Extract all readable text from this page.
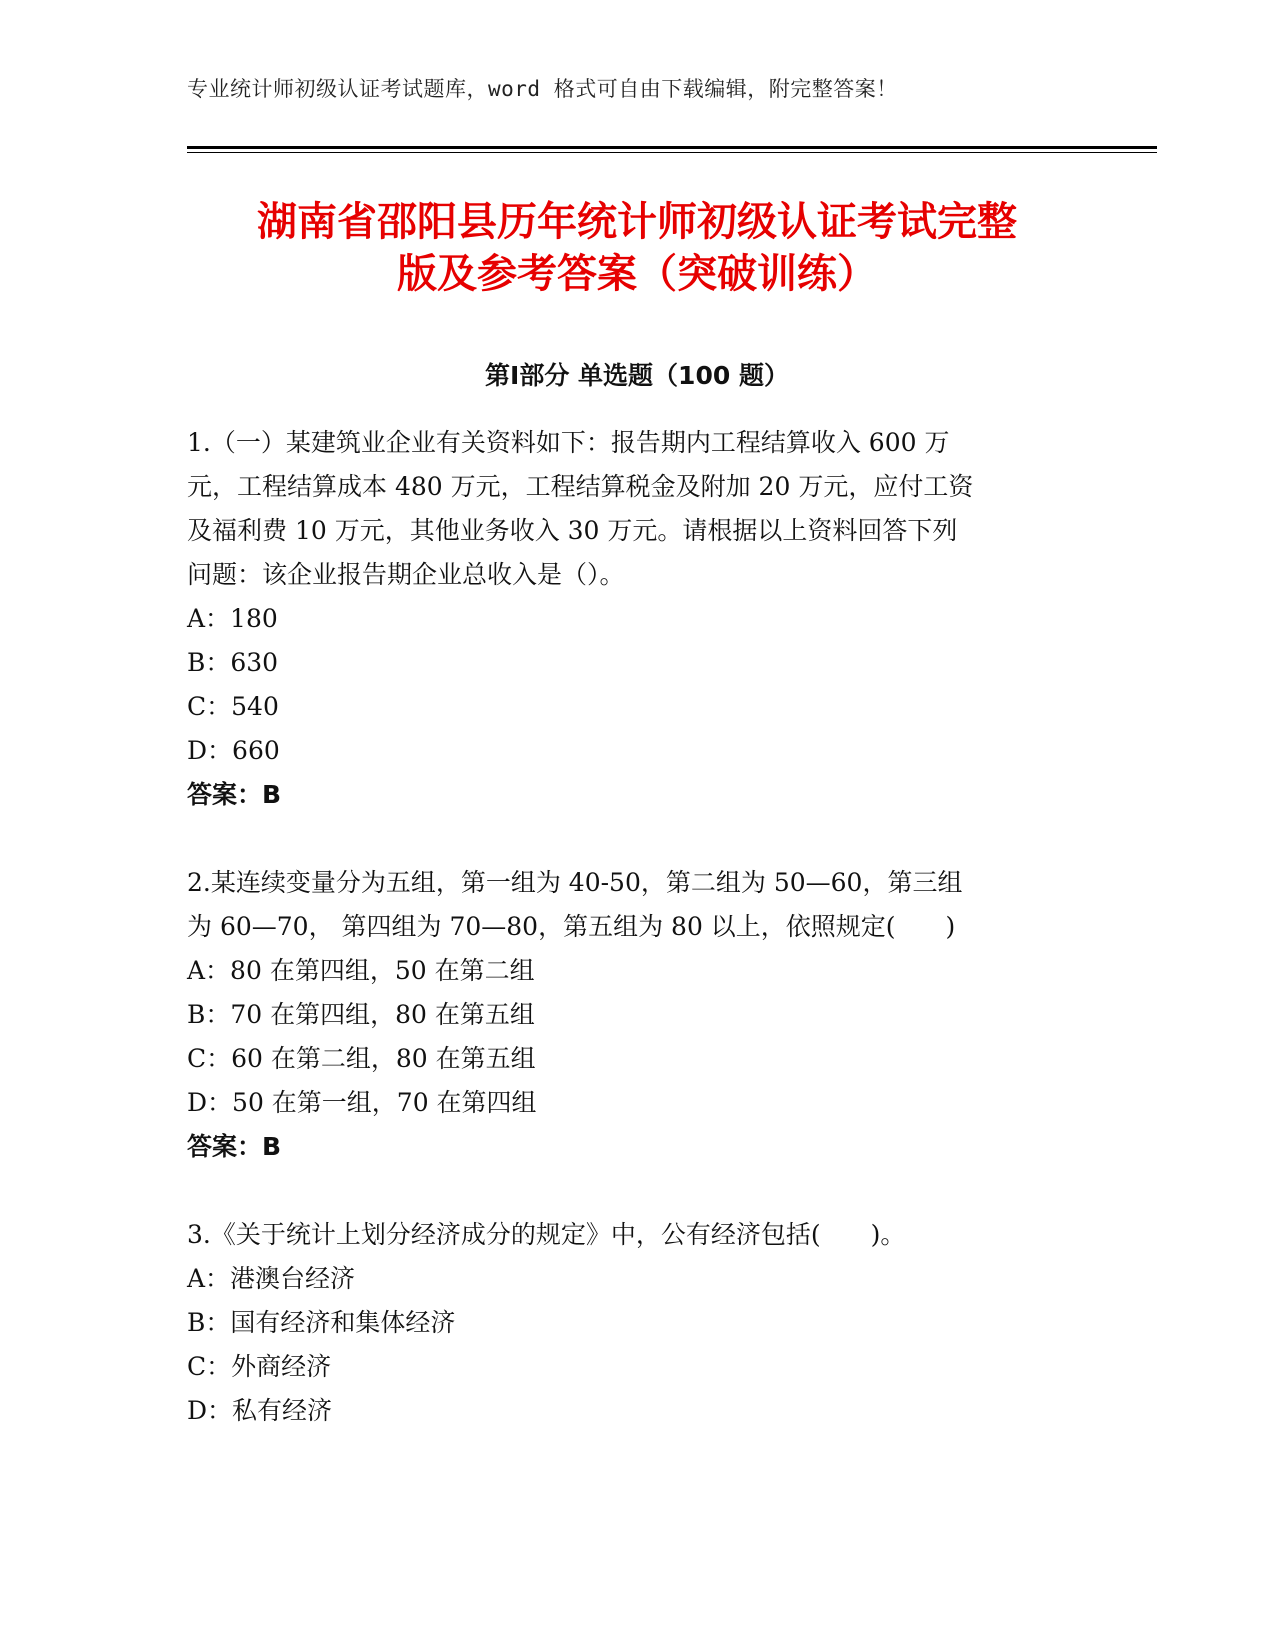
专业统计师初级认证考试题库，word 格式可自由下载编辑，附完整答案！
湖南省邵阳县历年统计师初级认证考试完整
版及参考答案（突破训练）
第Ⅰ部分 单选题（100 题）
1.（一）某建筑业企业有关资料如下：报告期内工程结算收入 600 万
元，工程结算成本 480 万元，工程结算税金及附加 20 万元，应付工资
及福利费 10 万元，其他业务收入 30 万元。请根据以上资料回答下列
问题：该企业报告期企业总收入是（）。
A：180
B：630
C：540
D：660
答案：B
2.某连续变量分为五组，第一组为 40-50，第二组为 50—60，第三组
为 60—70， 第四组为 70—80，第五组为 80 以上，依照规定(　　)
A：80 在第四组，50 在第二组
B：70 在第四组，80 在第五组
C：60 在第二组，80 在第五组
D：50 在第一组，70 在第四组
答案：B
3.《关于统计上划分经济成分的规定》中，公有经济包括(　　)。
A：港澳台经济
B：国有经济和集体经济
C：外商经济
D：私有经济
